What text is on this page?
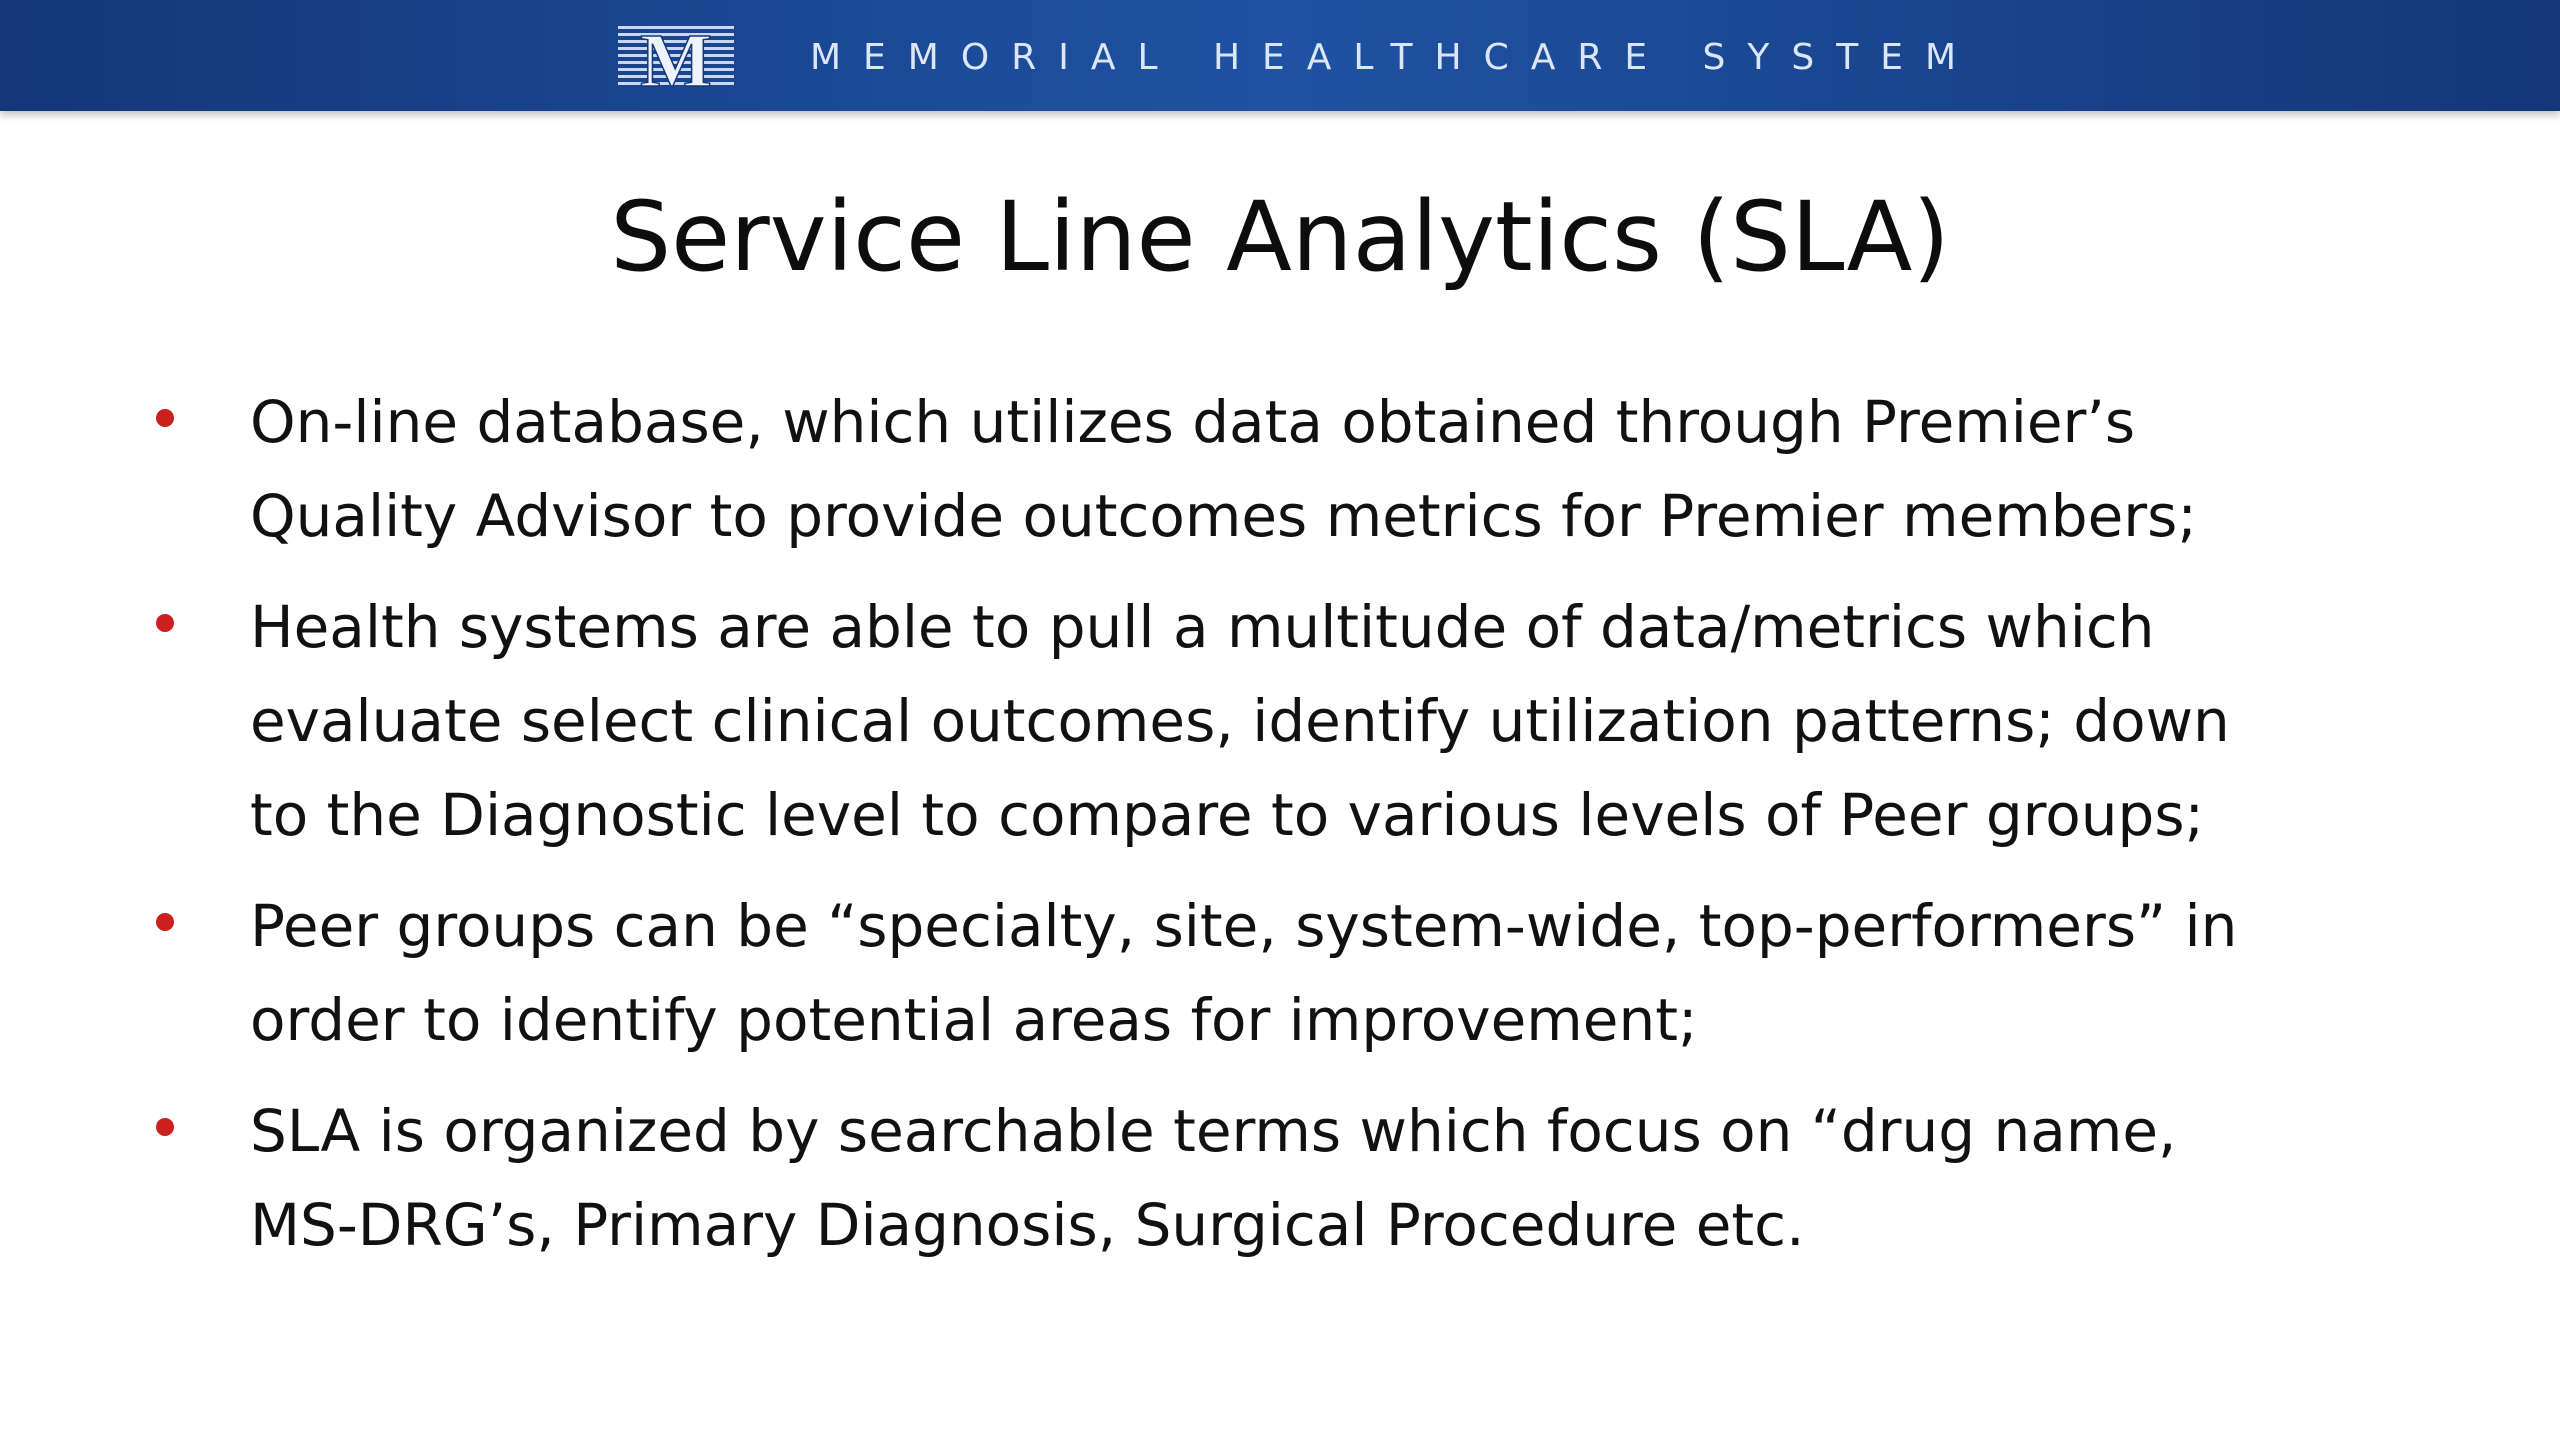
M	MEMORIAL HEALTHCARE SYSTEM
Service Line Analytics (SLA)
On-line database, which utilizes data obtained through Premier’s
Quality Advisor to provide outcomes metrics for Premier members;
Health systems are able to pull a multitude of data/metrics which
evaluate select clinical outcomes, identify utilization patterns; down
to the Diagnostic level to compare to various levels of Peer groups;
Peer groups can be “specialty, site, system-wide, top-performers” in
order to identify potential areas for improvement;
SLA is organized by searchable terms which focus on “drug name,
MS-DRG’s, Primary Diagnosis, Surgical Procedure etc.
